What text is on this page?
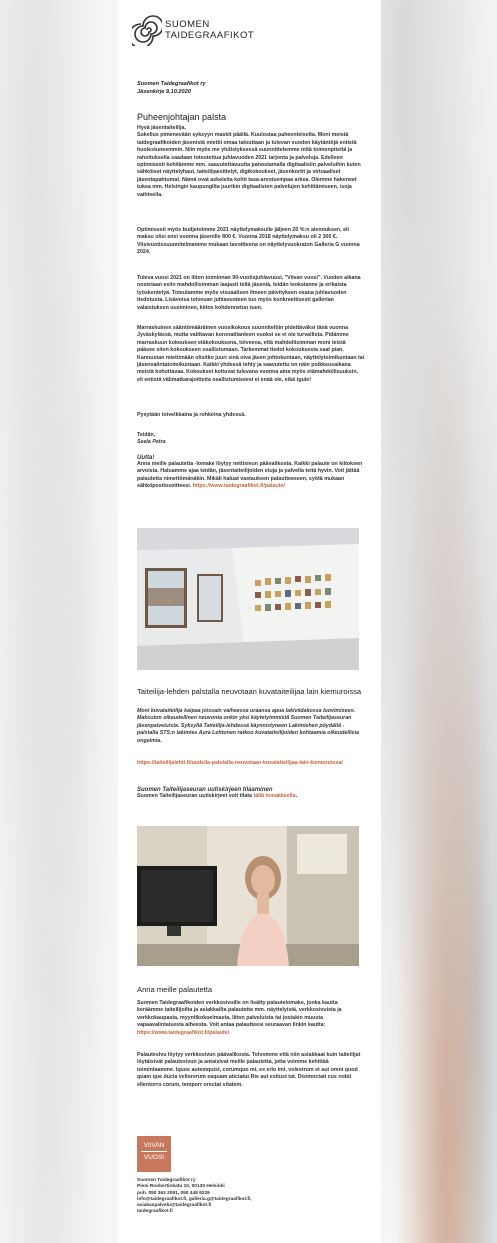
SUOMEN
TAIDEGRAAFIKOT
Suomen Taidegraafikot ry
Jäsenkirje 9.10.2020
Puheenjohtajan palsta

Hyvä jäsentaiteilija,
Sukellus pimenevään syksyyn maskit päällä. Kuulostaa paheentelselta. Moni meistä taidegraafikoiden jäsenistä miettii omaa talouttaan ja tulevan vuoden käytäntöjä entistä huolestuneemmin. Niin myös me yhdistyksessä suunnittelemme mitä toimenpiteitä ja rahoituksella saadaan toteutettua juhlavuoden 2021 tarjonta ja palveluja. Edelleen optimisesti kehitämme mm. saavutettavuutta panostamalla digitaalisiin palveluihin kuten sähköiset näyttelyhaut, taiteilijaesittelyt, digikokoukset, jäsenkortit ja virtuaaliset jäsentapahtumat. Nämä ovat askeleita kohti tasa-arvoisempaa arkea. Olemme hakeneet tukea mm. Helsingin kaupungilta juurikin digitaalisten palvelujen kehittämiseen, isoja vaihteella.

Optimisesti myös budjetoimme 2021 näyttelymaksulle jäljeen 20 %:n alennuksen, eli maksu olisi ensi vuonna jäsenille 800 €. Vuonna 2018 näyttelymaksu oli 2 300 €. Viisivuotissuunnitelmamme mukaan tavoitteena on näyttelyvuokraton Galleria G vuonna 2024.

Tuleva vuosi 2021 on liiton toiminnan 90-vuotisjuhlavuosi, "Viivan vuosi". Vuoden aikana nostetaan esiin mahdollisimman laajasti teltä jäsenià, teidän teoksianne ja erikaista työskentelyä. Toteutamme myös visuaalisen ilmeen päivityksen osana juhlavuoden tiedotusta. Lisävoisa toiveuan juhlavuoteen tuo myös konkreettisesti gallerian valaistuksen uusiminen, kiitos kohdennetun tuen.

Marraskuinen sääntömääräinen vuosikokous suunniteltiin pidettäväksi tänä vuonna Jyväskylässä, mutta valittavan koronatilanteen vuoksi se ei ole turvallista. Pidämme marraskuun kokouksen etäkokouksena, tolveena, että mahdollisimman moni teistä pääsee siten kokoukseen osallistumaan. Tarkemmat tiedot kokouksesta saat pian. Kannustan miettimään olisitko juuri sinä oiva jäsen johtokuntaan, näyttelytoimikuntaan tai jäsenvalintatoimikuntaan. Kaikki yhdessä tehty ja saavutettu on näin poikkeusaikana meistä kohottavaa. Kokoukset koltuvat tulevana vuonna aina myös etämahdollisuuksin, eli entistä välimatkarajoitteita osallistumiseesi ei enää ole, eikä tgule!

Pysytään toivelkkaina ja rohkeina yhdessä.

Teidän,

Seela Petra

Uutta!

Anna meille palautetta -lomake löytyy nettisivun päävalikosta. Kaikki palaute on kiitoksen arvoista. Haluamme ajaa teidän, jäsentaiteilijoiden etuja ja palvella teitä hyvin. Voit jättää palautetta nimettömänäkin. Mikäli haluat vastauksen palautteeseen, syötä mukaan sähköpostiosoitteesi. https://www.taidegraafikot.fi/palaute/

Taiteilija-lehden palstalla neuvotaan kuvataiteilijaa lain kiemuroissa

Moni kuvataiteilija kaipaa joissain vaiheessa uraansa apua lakiviidakossa luovimiseen. Maksuton oikeudellinen neuvonta onkin yksi käytetyimmistä Suomen Taiteilijaseuran jäsenpalveluista. Syksyllä Taiteilija-lehdessä käynnistyneen Lakimiehen pöydältä -palstalla STS:n lakimies Aura Lehtonen ratkoo kuvataiteilijoiden kohtaamia oikeudellisia ongelmia.

https://taiteilijalehti.fi/uudella-palstalla-neuvotaan-kuvataiteilijaa-lain-kiemuroissa/

Suomen Taiteilijaseuran uutiskirjeen tilaaminen

Suomen Taiteilijaseuran uutiskirjeet voit tilata tällä lomakkeella.

Anna meille palautetta

Suomen Taidegraafikoiden verkkosivuille on lisätty palautelomake, jonka kautta keräämme taiteilijoilta ja asiakkailta palautetta mm. näyttelyistä, verkkosivuista ja verkkokaupasta, myyntikokoelmasta, liiton palveluista tai jostakin muusta vapaavalintaisesta aiheesta. Voit antaa palautteesi seuraavan linkin kautta: https://www.taidegraafikot.fi/palaute/

Palauteslvu löytyy verkkosivun päävalikosta. Tolvomme että niin asiakkaat kuin taiteilijat löytäisivät palautesivun ja antaisivat meille palautetta, jotta voimme kehittää toimintaamme. Iquos autemquist, corumquo mi, ex erio imi, volestrum et aut omni quod quam que ducia vellorerum eaquam aticiatur.Ris aut estiust tat. Disimnctati cus nobit ellentorro corum, temporr orectat vitatem.

VIIVAN
VUOSI
Suomen Taidegraafikot ry
Pieni Roobertinkatu 10, 00130 Helsinki
puh. 050 362 2091, 050 449 9229
info@taidegraafikot.fi, galleria.g@taidegraafikot.fi,
asiakaspalvelu@taidegraafikot.fi
taidegraafikot.fi
